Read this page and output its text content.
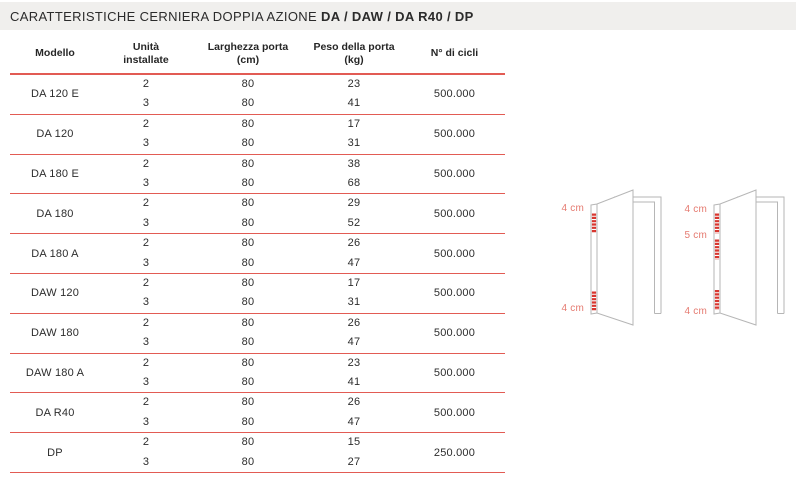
CARATTERISTICHE CERNIERA DOPPIA AZIONE DA / DAW / DA R40 / DP
Modello
Unità
installate
Larghezza porta
(cm)
Peso della porta
(kg)
N° di cicli
DA 120 E
2
3
80
80
23
41
500.000
DA 120
2
3
80
80
17
31
500.000
DA 180 E
2
3
80
80
38
68
500.000
DA 180
2
3
80
80
29
52
500.000
DA 180 A
2
3
80
80
26
47
500.000
DAW 120
2
3
80
80
17
31
500.000
DAW 180
2
3
80
80
26
47
500.000
DAW 180 A
2
3
80
80
23
41
500.000
DA R40
2
3
80
80
26
47
500.000
DP
2
3
80
80
15
27
250.000
4 cm
4 cm
4 cm
5 cm
4 cm
